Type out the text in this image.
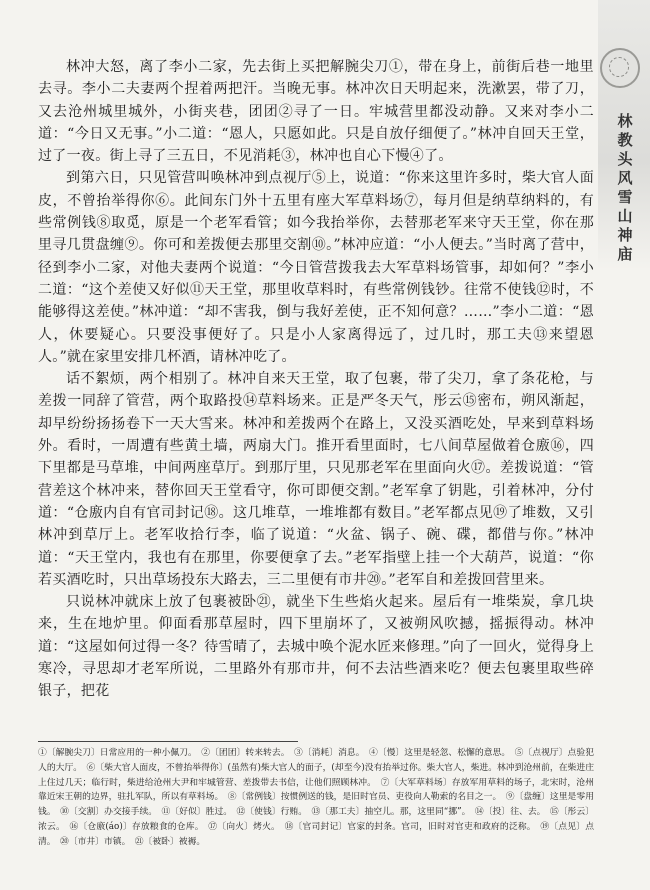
林教头风雪山神庙

林冲大怒，离了李小二家，先去街上买把解腕尖刀①，带在身上，前街后巷一地里去寻。李小二夫妻两个捏着两把汗。当晚无事。林冲次日天明起来，洗漱罢，带了刀，又去沧州城里城外，小街夹巷，团团②寻了一日。牢城营里都没动静。又来对李小二道：“今日又无事。”小二道：“恩人，只愿如此。只是自放仔细便了。”林冲自回天王堂，过了一夜。街上寻了三五日，不见消耗③，林冲也自心下慢④了。

到第六日，只见管营叫唤林冲到点视厅⑤上，说道：“你来这里许多时，柴大官人面皮，不曾抬举得你⑥。此间东门外十五里有座大军草料场⑦，每月但是纳草纳料的，有些常例钱⑧取觅，原是一个老军看管；如今我抬举你，去替那老军来守天王堂，你在那里寻几贯盘缠⑨。你可和差拨便去那里交割⑩。”林冲应道：“小人便去。”当时离了营中，径到李小二家，对他夫妻两个说道：“今日管营拨我去大军草料场管事，却如何？”李小二道：“这个差使又好似⑪天王堂，那里收草料时，有些常例钱钞。往常不使钱⑫时，不能够得这差使。”林冲道：“却不害我，倒与我好差使，正不知何意？……”李小二道：“恩人，休要疑心。只要没事便好了。只是小人家离得远了，过几时，那工夫⑬来望恩人。”就在家里安排几杯酒，请林冲吃了。

话不絮烦，两个相别了。林冲自来天王堂，取了包裹，带了尖刀，拿了条花枪，与差拨一同辞了管营，两个取路投⑭草料场来。正是严冬天气，彤云⑮密布，朔风渐起，却早纷纷扬扬卷下一天大雪来。林冲和差拨两个在路上，又没买酒吃处，早来到草料场外。看时，一周遭有些黄土墙，两扇大门。推开看里面时，七八间草屋做着仓廒⑯，四下里都是马草堆，中间两座草厅。到那厅里，只见那老军在里面向火⑰。差拨说道：“管营差这个林冲来，替你回天王堂看守，你可即便交割。”老军拿了钥匙，引着林冲，分付道：“仓廒内自有官司封记⑱。这几堆草，一堆堆都有数目。”老军都点见⑲了堆数，又引林冲到草厅上。老军收拾行李，临了说道：“火盆、锅子、碗、碟，都借与你。”林冲道：“天王堂内，我也有在那里，你要便拿了去。”老军指壁上挂一个大葫芦，说道：“你若买酒吃时，只出草场投东大路去，三二里便有市井⑳。”老军自和差拨回营里来。

只说林冲就床上放了包裹被卧㉑，就坐下生些焰火起来。屋后有一堆柴炭，拿几块来，生在地炉里。仰面看那草屋时，四下里崩坏了，又被朔风吹撼，摇振得动。林冲道：“这屋如何过得一冬？待雪晴了，去城中唤个泥水匠来修理。”向了一回火，觉得身上寒冷，寻思却才老军所说，二里路外有那市井，何不去沽些酒来吃？便去包裹里取些碎银子，把花

①〔解腕尖刀〕日常应用的一种小佩刀。　②〔团团〕转来转去。　③〔消耗〕消息。　④〔慢〕这里是轻忽、松懈的意思。　⑤〔点视厅〕点验犯人的大厅。　⑥〔柴大官人面皮，不曾抬举得你〕(虽然有)柴大官人的面子，(却至今)没有抬举过你。柴大官人，柴进。林冲到沧州前，在柴进庄上住过几天；临行时，柴进给沧州大尹和牢城管营、差拨带去书信，让他们照顾林冲。　⑦〔大军草料场〕存放军用草料的场子，北宋时，沧州靠近宋王朝的边界，驻扎军队，所以有草料场。　⑧〔常例钱〕按惯例送的钱，是旧时官员、吏役向人勒索的名目之一。　⑨〔盘缠〕这里是零用钱。　⑩〔交割〕办交接手续。　⑪〔好似〕胜过。　⑫〔使钱〕行贿。　⑬〔那工夫〕抽空儿。那，这里同“挪”。　⑭〔投〕往、去。　⑮〔彤云〕浓云。　⑯〔仓廒(áo)〕存放粮食的仓库。　⑰〔向火〕烤火。　⑱〔官司封记〕官家的封条。官司，旧时对官吏和政府的泛称。　⑲〔点见〕点清。　⑳〔市井〕市镇。　㉑〔被卧〕被褥。
